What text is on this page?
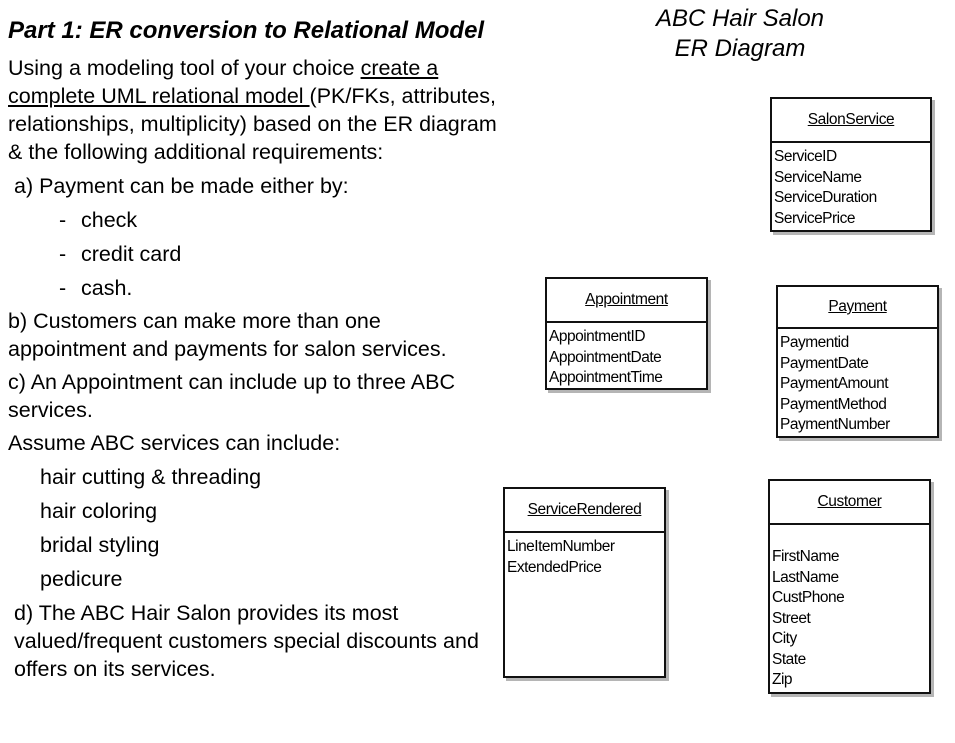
Part 1: ER conversion to Relational Model

Using a modeling tool of your choice create a complete UML relational model (PK/FKs, attributes, relationships, multiplicity) based on the ER diagram & the following additional requirements:

a) Payment can be made either by:

- check

- credit card

- cash.

b) Customers can make more than one appointment and payments for salon services.

c) An Appointment can include up to three ABC services.

Assume ABC services can include:

hair cutting & threading

hair coloring

bridal styling

pedicure

d) The ABC Hair Salon provides its most valued/frequent customers special discounts and offers on its services.

ABC Hair Salon
ER Diagram
SalonService
ServiceID
ServiceName
ServiceDuration
ServicePrice
Appointment
AppointmentID
AppointmentDate
AppointmentTime
Payment
Paymentid
PaymentDate
PaymentAmount
PaymentMethod
PaymentNumber
ServiceRendered
LineItemNumber
ExtendedPrice
Customer
FirstName
LastName
CustPhone
Street
City
State
Zip
